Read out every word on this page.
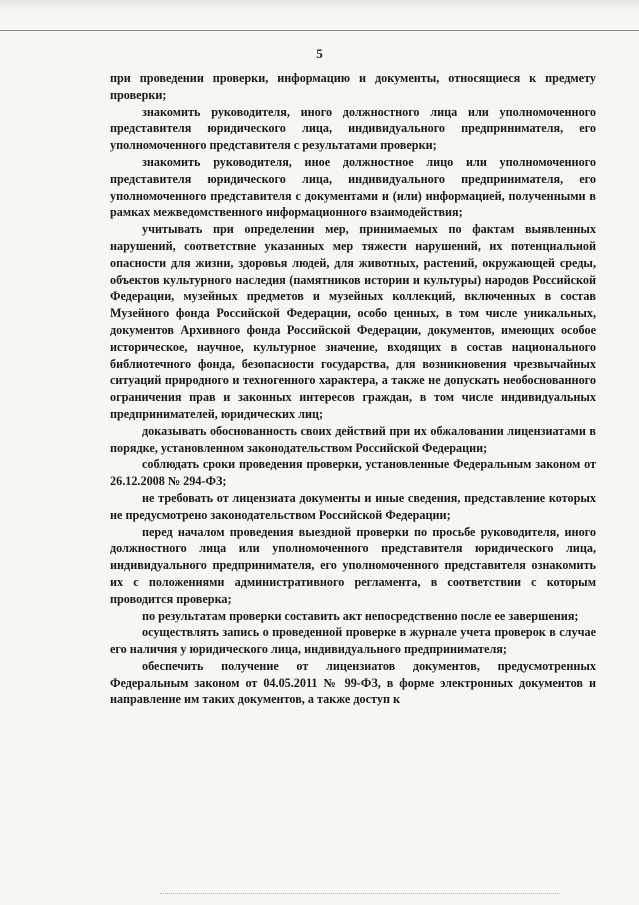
5

при проведении проверки, информацию и документы, относящиеся к предмету проверки;

знакомить руководителя, иного должностного лица или уполномоченного представителя юридического лица, индивидуального предпринимателя, его уполномоченного представителя с результатами проверки;

знакомить руководителя, иное должностное лицо или уполномоченного представителя юридического лица, индивидуального предпринимателя, его уполномоченного представителя с документами и (или) информацией, полученными в рамках межведомственного информационного взаимодействия;

учитывать при определении мер, принимаемых по фактам выявленных нарушений, соответствие указанных мер тяжести нарушений, их потенциальной опасности для жизни, здоровья людей, для животных, растений, окружающей среды, объектов культурного наследия (памятников истории и культуры) народов Российской Федерации, музейных предметов и музейных коллекций, включенных в состав Музейного фонда Российской Федерации, особо ценных, в том числе уникальных, документов Архивного фонда Российской Федерации, документов, имеющих особое историческое, научное, культурное значение, входящих в состав национального библиотечного фонда, безопасности государства, для возникновения чрезвычайных ситуаций природного и техногенного характера, а также не допускать необоснованного ограничения прав и законных интересов граждан, в том числе индивидуальных предпринимателей, юридических лиц;

доказывать обоснованность своих действий при их обжаловании лицензиатами в порядке, установленном законодательством Российской Федерации;

соблюдать сроки проведения проверки, установленные Федеральным законом от 26.12.2008 № 294-ФЗ;

не требовать от лицензиата документы и иные сведения, представление которых не предусмотрено законодательством Российской Федерации;

перед началом проведения выездной проверки по просьбе руководителя, иного должностного лица или уполномоченного представителя юридического лица, индивидуального предпринимателя, его уполномоченного представителя ознакомить их с положениями административного регламента, в соответствии с которым проводится проверка;

по результатам проверки составить акт непосредственно после ее завершения;

осуществлять запись о проведенной проверке в журнале учета проверок в случае его наличия у юридического лица, индивидуального предпринимателя;

обеспечить получение от лицензиатов документов, предусмотренных Федеральным законом от 04.05.2011 № 99-ФЗ, в форме электронных документов и направление им таких документов, а также доступ к
